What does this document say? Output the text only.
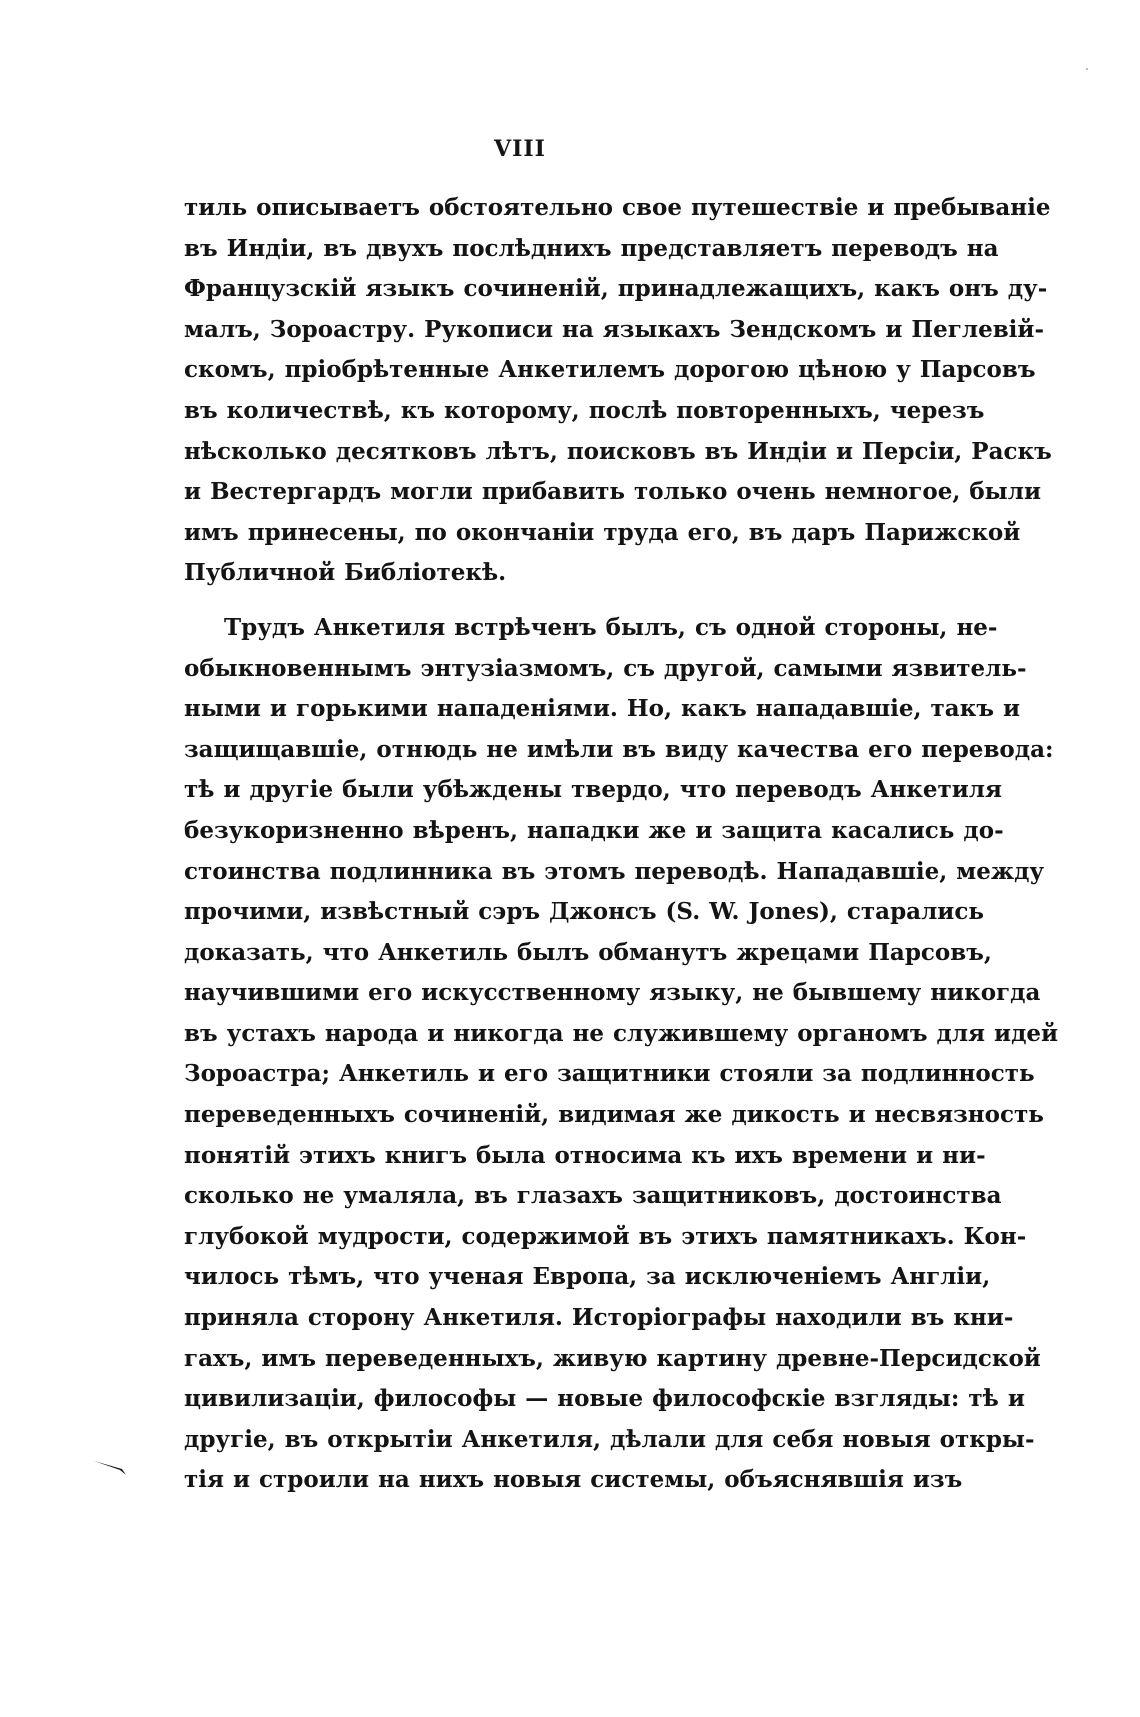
VIII
тиль описываетъ обстоятельно свое путешествіе и пребываніе
въ Индіи, въ двухъ послѣднихъ представляетъ переводъ на
Французскій языкъ сочиненій, принадлежащихъ, какъ онъ ду-
малъ, Зороастру. Рукописи на языкахъ Зендскомъ и Пеглевій-
скомъ, пріобрѣтенные Анкетилемъ дорогою цѣною у Парсовъ
въ количествѣ, къ которому, послѣ повторенныхъ, черезъ
нѣсколько десятковъ лѣтъ, поисковъ въ Индіи и Персіи, Раскъ
и Вестергардъ могли прибавить только очень немногое, были
имъ принесены, по окончаніи труда его, въ даръ Парижской
Публичной Библіотекѣ.
Трудъ Анкетиля встрѣченъ былъ, съ одной стороны, не-
обыкновеннымъ энтузіазмомъ, съ другой, самыми язвитель-
ными и горькими нападеніями. Но, какъ нападавшіе, такъ и
защищавшіе, отнюдь не имѣли въ виду качества его перевода:
тѣ и другіе были убѣждены твердо, что переводъ Анкетиля
безукоризненно вѣренъ, нападки же и защита касались до-
стоинства подлинника въ этомъ переводѣ. Нападавшіе, между
прочими, извѣстный сэръ Джонсъ (S. W. Jones), старались
доказать, что Анкетиль былъ обманутъ жрецами Парсовъ,
научившими его искусственному языку, не бывшему никогда
въ устахъ народа и никогда не служившему органомъ для идей
Зороастра; Анкетиль и его защитники стояли за подлинность
переведенныхъ сочиненій, видимая же дикость и несвязность
понятій этихъ книгъ была относима къ ихъ времени и ни-
сколько не умаляла, въ глазахъ защитниковъ, достоинства
глубокой мудрости, содержимой въ этихъ памятникахъ. Кон-
чилось тѣмъ, что ученая Европа, за исключеніемъ Англіи,
приняла сторону Анкетиля. Исторіографы находили въ кни-
гахъ, имъ переведенныхъ, живую картину древне-Персидской
цивилизаціи, философы — новые философскіе взгляды: тѣ и
другіе, въ открытіи Анкетиля, дѣлали для себя новыя откры-
тія и строили на нихъ новыя системы, объяснявшія изъ
